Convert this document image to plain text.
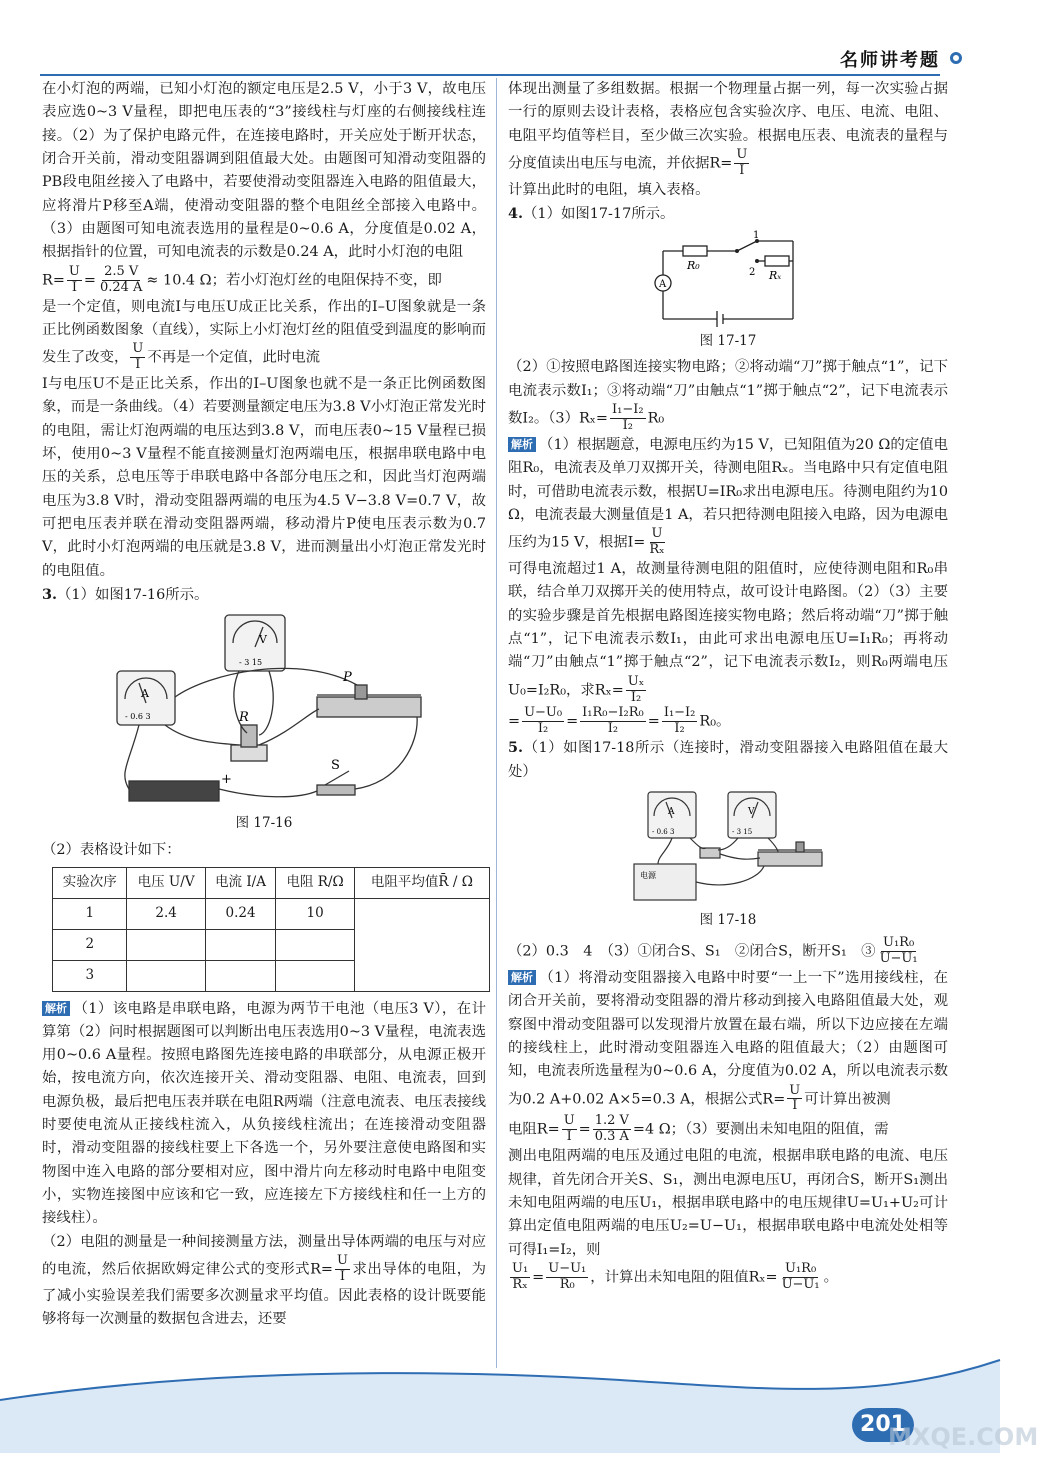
名师讲考题

在小灯泡的两端，已知小灯泡的额定电压是2.5 V，小于3 V，故电压表应选0~3 V量程，即把电压表的“3”接线柱与灯座的右侧接线柱连接。（2）为了保护电路元件，在连接电路时，开关应处于断开状态，闭合开关前，滑动变阻器调到阻值最大处。由题图可知滑动变阻器的PB段电阻丝接入了电路中，若要使滑动变阻器连入电路的阻值最大，应将滑片P移至A端，使滑动变阻器的整个电阻丝全部接入电路中。（3）由题图可知电流表选用的量程是0~0.6 A，分度值是0.02 A，根据指针的位置，可知电流表的示数是0.24 A，此时小灯泡的电阻

$R= \frac{U}{I} = \frac{2.5 V}{0.24 A} \approx 10.4$ Ω；若小灯泡灯丝的电阻保持不变，即

是一个定值，则电流I与电压U成正比关系，作出的I–U图象就是一条正比例函数图象（直线），实际上小灯泡灯丝的阻值受到温度的影响而发生了改变， $\frac{U}{I}$ 不再是一个定值，此时电流

I与电压U不是正比关系，作出的I–U图象也就不是一条正比例函数图象，而是一条曲线。（4）若要测量额定电压为3.8 V小灯泡正常发光时的电阻，需让灯泡两端的电压达到3.8 V，而电压表0~15 V量程已损坏，使用0~3 V量程不能直接测量灯泡两端电压，根据串联电路中电压的关系，总电压等于串联电路中各部分电压之和，因此当灯泡两端电压为3.8 V时，滑动变阻器两端的电压为4.5 V−3.8 V=0.7 V，故可把电压表并联在滑动变阻器两端，移动滑片P使电压表示数为0.7 V，此时小灯泡两端的电压就是3.8 V，进而测量出小灯泡正常发光时的电阻值。

3.（1）如图17-16所示。

V
- 3 15
A
- 0.6 3	R
P
S
+
图 17-16

（2）表格设计如下：

实验次序	电压 U/V	电流 I/A	电阻 R/Ω	电阻平均值R̄ / Ω
1	2.4	0.24	10	
2				
3				

解析 （1）该电路是串联电路，电源为两节干电池（电压3 V），在计算第（2）问时根据题图可以判断出电压表选用0~3 V量程，电流表选用0~0.6 A量程。按照电路图先连接电路的串联部分，从电源正极开始，按电流方向，依次连接开关、滑动变阻器、电阻、电流表，回到电源负极，最后把电压表并联在电阻R两端（注意电流表、电压表接线时要使电流从正接线柱流入，从负接线柱流出；在连接滑动变阻器时，滑动变阻器的接线柱要上下各选一个，另外要注意使电路图和实物图中连入电路的部分要相对应，图中滑片向左移动时电路中电阻变小，实物连接图中应该和它一致，应连接左下方接线柱和任一上方的接线柱）。

（2）电阻的测量是一种间接测量方法，测量出导体两端的电压与对应的电流，然后依据欧姆定律公式的变形式$R= \frac{U}{I}$ 求出导体的电阻，为了减小实验误差我们需要多次测量求平均值。因此表格的设计既要能够将每一次测量的数据包含进去，还要

体现出测量了多组数据。根据一个物理量占据一列，每一次实验占据一行的原则去设计表格，表格应包含实验次序、电压、电流、电阻、电阻平均值等栏目，至少做三次实验。根据电压表、电流表的量程与分度值读出电压与电流，并依据$R= \frac{U}{I}$

计算出此时的电阻，填入表格。

4.（1）如图17-17所示。

A
R₀
Rₓ
1
2
图 17-17

（2）①按照电路图连接实物电路；②将动端“刀”掷于触点“1”，记下电流表示数I₁；③将动端“刀”由触点“1”掷于触点“2”，记下电流表示数I₂。$(3)R_x= \frac{\text{I₁−I₂}}{\text{I₂}} R_0$

解析 （1）根据题意，电源电压约为15 V，已知阻值为20 Ω的定值电阻R₀，电流表及单刀双掷开关，待测电阻Rₓ。当电路中只有定值电阻时，可借助电流表示数，根据U=IR₀求出电源电压。待测电阻约为10 Ω，电流表最大测量值是1 A，若只把待测电阻接入电路，因为电源电压约为15 V，根据$I= \frac{U}{\text{Rₓ}}$

可得电流超过1 A，故测量待测电阻的阻值时，应使待测电阻和R₀串联，结合单刀双掷开关的使用特点，故可设计电路图。（2）（3）主要的实验步骤是首先根据电路图连接实物电路；然后将动端“刀”掷于触点“1”，记下电流表示数I₁，由此可求出电源电压U=I₁R₀；再将动端“刀”由触点“1”掷于触点“2”，记下电流表示数I₂，则R₀两端电压U₀=I₂R₀，求$R_x= \frac{\text{Uₓ}}{\text{I₂}}$

= $\frac{\text{U−U₀}}{\text{I₂}} = \frac{\text{I₁R₀−I₂R₀}}{\text{I₂}} = \frac{\text{I₁−I₂}}{\text{I₂}} R_0$。

5.（1）如图17-18所示（连接时，滑动变阻器接入电路阻值在最大处）

A
- 0.6 3
V
- 3 15
电源
图 17-18

（2）0.3　4　（3）①闭合S、S₁　②闭合S，断开S₁　③ $\frac{\text{U₁R₀}}{\text{U−U₁}}$

解析 （1）将滑动变阻器接入电路中时要“一上一下”选用接线柱，在闭合开关前，要将滑动变阻器的滑片移动到接入电路阻值最大处，观察图中滑动变阻器可以发现滑片放置在最右端，所以下边应接在左端的接线柱上，此时滑动变阻器连入电路的阻值最大；（2）由题图可知，电流表所选量程为0~0.6 A，分度值为0.02 A，所以电流表示数为0.2 A+0.02 A×5=0.3 A，根据公式$R= \frac{U}{I}$ 可计算出被测

电阻$R= \frac{U}{I} = \frac{1.2 V}{0.3 A} =4$ Ω；（3）要测出未知电阻的阻值，需

测出电阻两端的电压及通过电阻的电流，根据串联电路的电流、电压规律，首先闭合开关S、S₁，测出电源电压U，再闭合S，断开S₁测出未知电阻两端的电压U₁，根据串联电路中的电压规律U=U₁+U₂可计算出定值电阻两端的电压U₂=U−U₁，根据串联电路中电流处处相等可得I₁=I₂，则

$\frac{\text{U₁}}{\text{Rₓ}} = \frac{\text{U−U₁}}{\text{R₀}}$ ，计算出未知电阻的阻值$R_x= \frac{\text{U₁R₀}}{\text{U−U₁}}$ 。

201
MXQE.COM
